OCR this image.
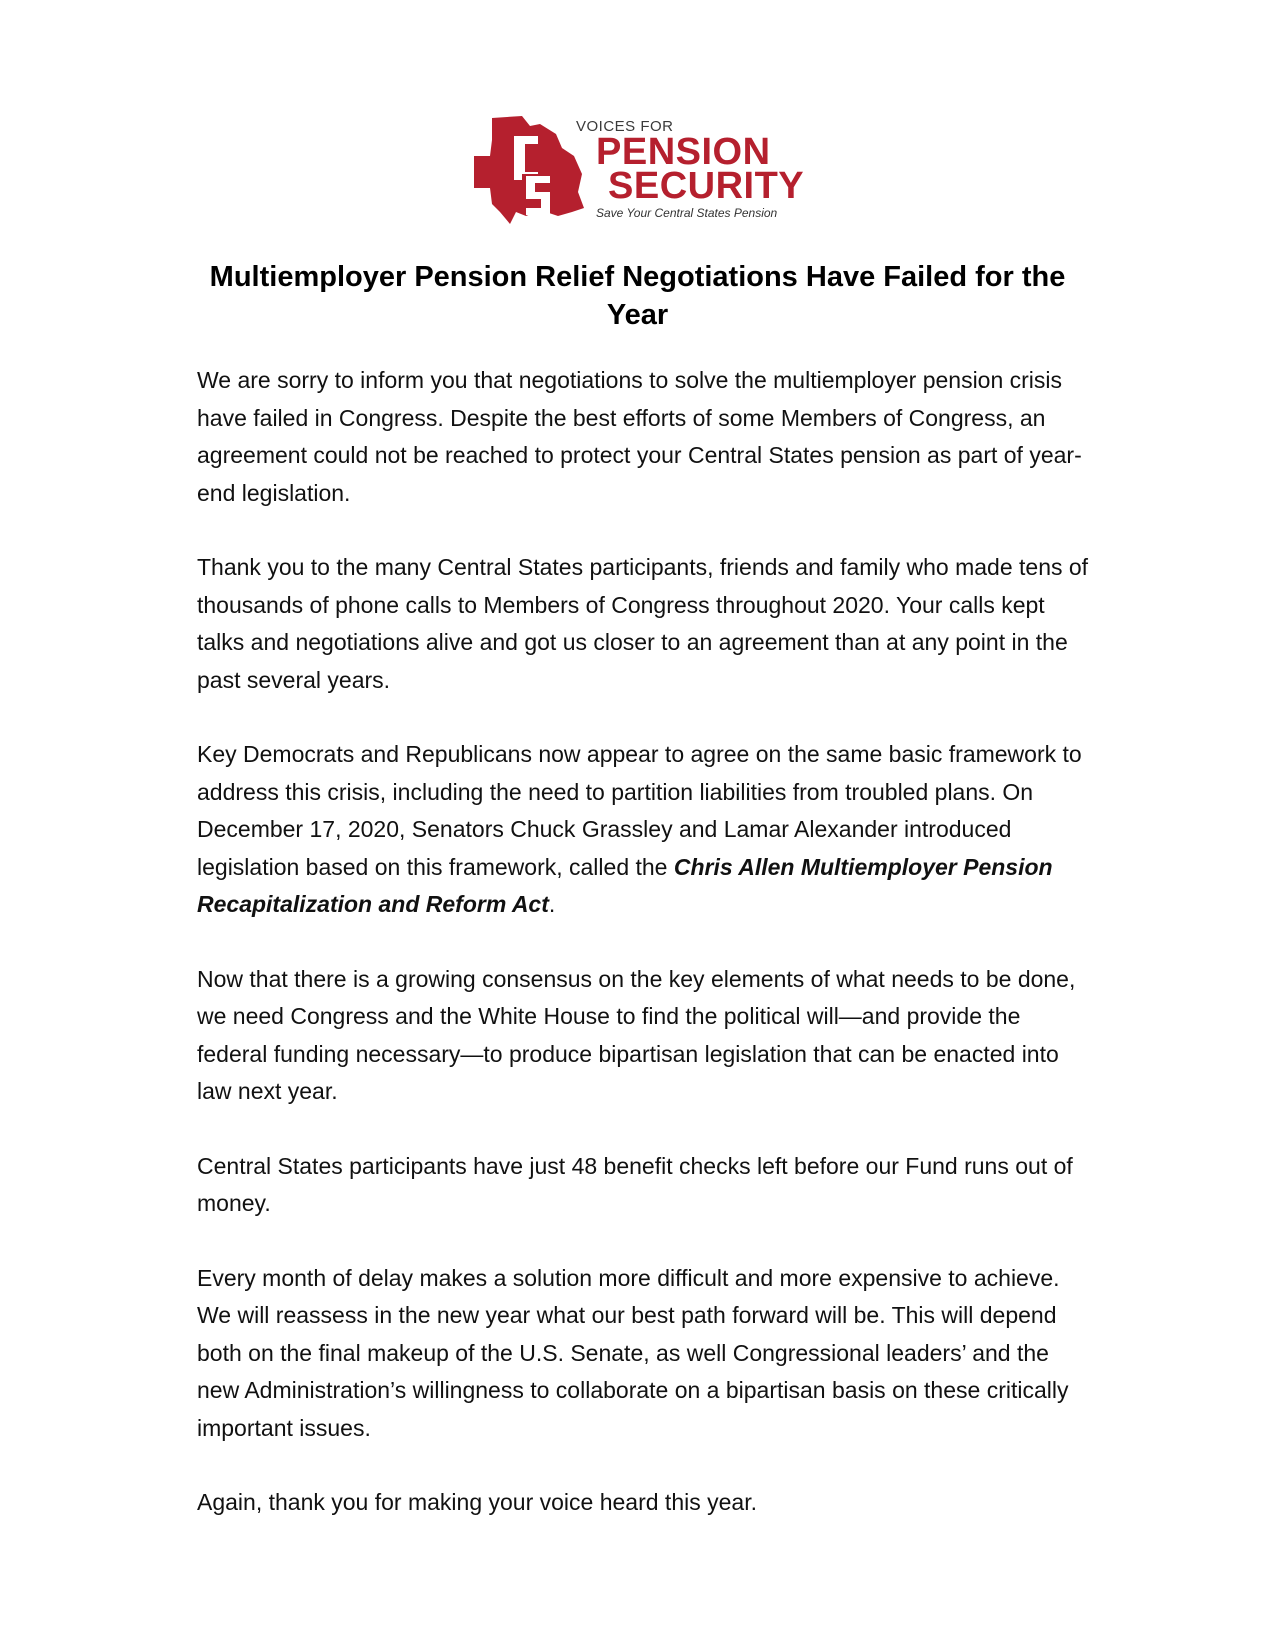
VOICES FOR
PENSION
SECURITY
Save Your Central States Pension
Multiemployer Pension Relief Negotiations Have Failed for the Year

We are sorry to inform you that negotiations to solve the multiemployer pension crisis have failed in Congress. Despite the best efforts of some Members of Congress, an agreement could not be reached to protect your Central States pension as part of year-end legislation.

Thank you to the many Central States participants, friends and family who made tens of thousands of phone calls to Members of Congress throughout 2020. Your calls kept talks and negotiations alive and got us closer to an agreement than at any point in the past several years.

Key Democrats and Republicans now appear to agree on the same basic framework to address this crisis, including the need to partition liabilities from troubled plans. On December 17, 2020, Senators Chuck Grassley and Lamar Alexander introduced legislation based on this framework, called the Chris Allen Multiemployer Pension Recapitalization and Reform Act.

Now that there is a growing consensus on the key elements of what needs to be done, we need Congress and the White House to find the political will—and provide the federal funding necessary—to produce bipartisan legislation that can be enacted into law next year.

Central States participants have just 48 benefit checks left before our Fund runs out of money.

Every month of delay makes a solution more difficult and more expensive to achieve. We will reassess in the new year what our best path forward will be. This will depend both on the final makeup of the U.S. Senate, as well Congressional leaders’ and the new Administration’s willingness to collaborate on a bipartisan basis on these critically important issues.

Again, thank you for making your voice heard this year.
